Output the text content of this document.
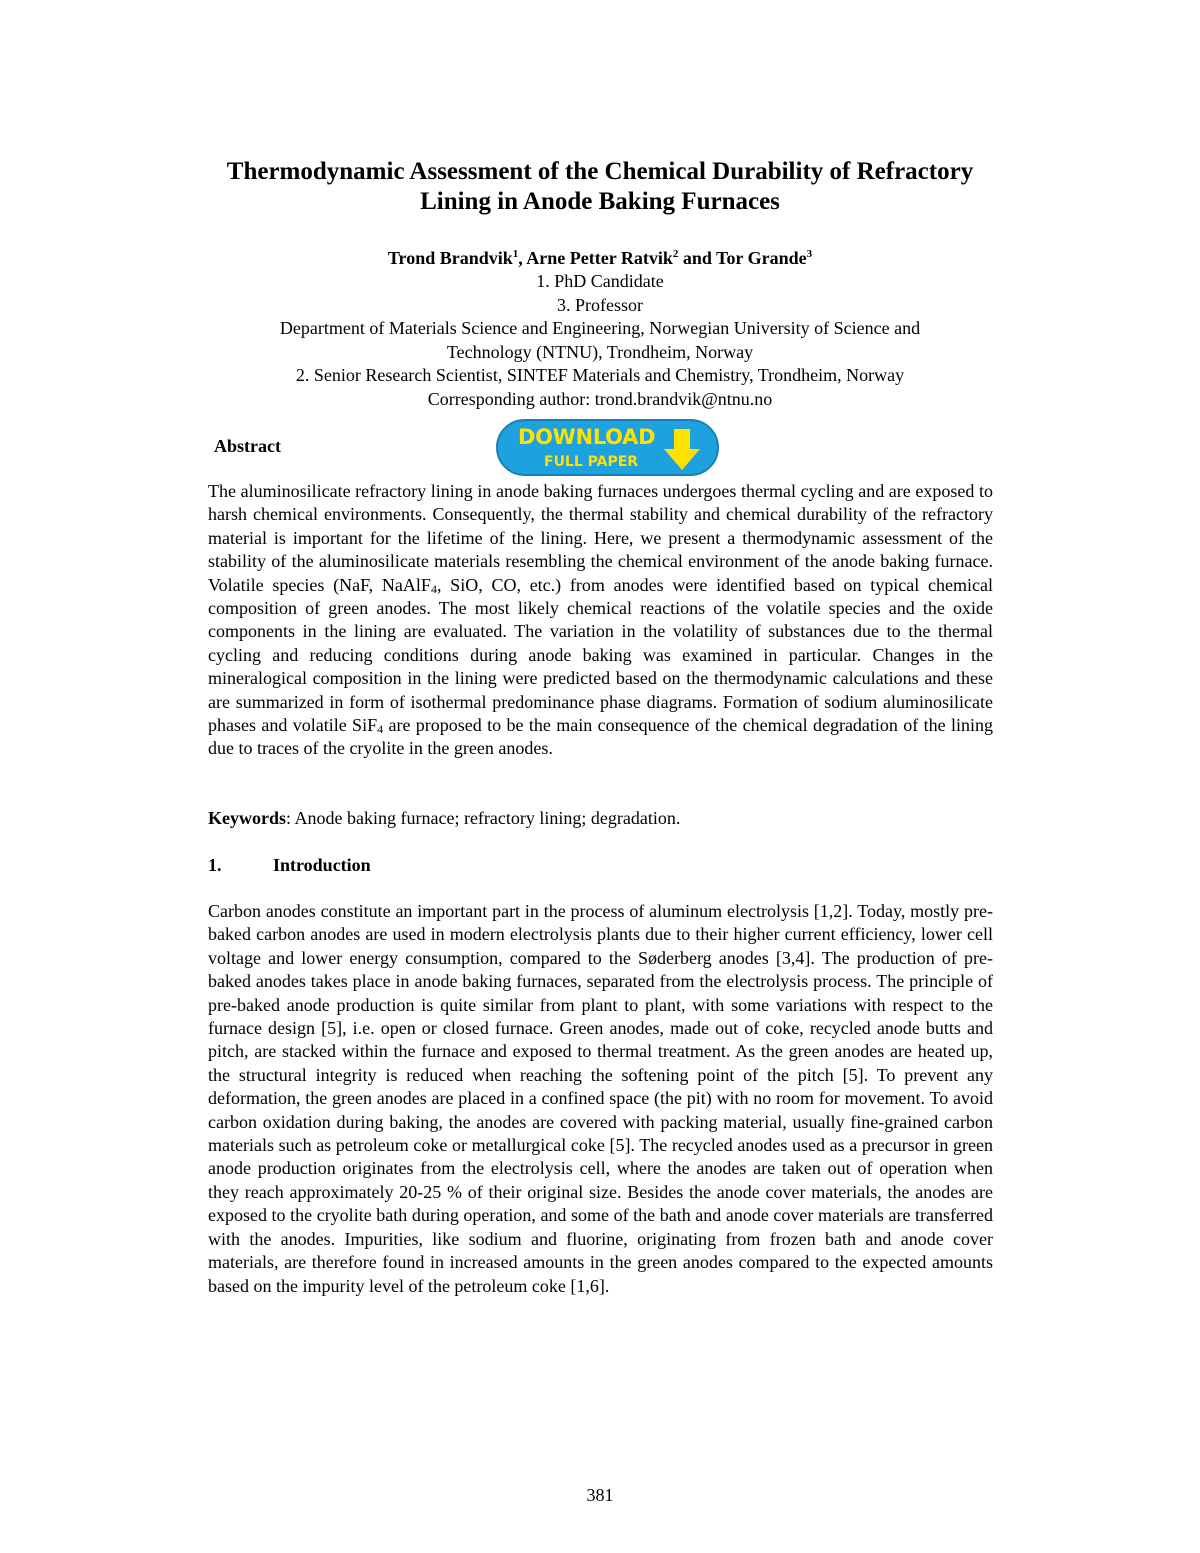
Thermodynamic Assessment of the Chemical Durability of Refractory
Lining in Anode Baking Furnaces
Trond Brandvik$^1$, Arne Petter Ratvik$^2$ and Tor Grande$^3$
1. PhD Candidate
3. Professor
Department of Materials Science and Engineering, Norwegian University of Science and
Technology (NTNU), Trondheim, Norway
2. Senior Research Scientist, SINTEF Materials and Chemistry, Trondheim, Norway
Corresponding author: trond.brandvik@ntnu.no
Abstract	DOWNLOAD
FULL PAPER
The aluminosilicate refractory lining in anode baking furnaces undergoes thermal cycling and are exposed to harsh chemical environments. Consequently, the thermal stability and chemical durability of the refractory material is important for the lifetime of the lining. Here, we present a thermodynamic assessment of the stability of the aluminosilicate materials resembling the chemical environment of the anode baking furnace. Volatile species (NaF, NaAlF$_4$, SiO, CO, etc.) from anodes were identified based on typical chemical composition of green anodes. The most likely chemical reactions of the volatile species and the oxide components in the lining are evaluated. The variation in the volatility of substances due to the thermal cycling and reducing conditions during anode baking was examined in particular. Changes in the mineralogical composition in the lining were predicted based on the thermodynamic calculations and these are summarized in form of isothermal predominance phase diagrams. Formation of sodium aluminosilicate phases and volatile SiF$_4$ are proposed to be the main consequence of the chemical degradation of the lining due to traces of the cryolite in the green anodes.
Keywords: Anode baking furnace; refractory lining; degradation.
1.	Introduction
Carbon anodes constitute an important part in the process of aluminum electrolysis [1,2]. Today, mostly pre-baked carbon anodes are used in modern electrolysis plants due to their higher current efficiency, lower cell voltage and lower energy consumption, compared to the Søderberg anodes [3,4]. The production of pre-baked anodes takes place in anode baking furnaces, separated from the electrolysis process. The principle of pre-baked anode production is quite similar from plant to plant, with some variations with respect to the furnace design [5], i.e. open or closed furnace. Green anodes, made out of coke, recycled anode butts and pitch, are stacked within the furnace and exposed to thermal treatment. As the green anodes are heated up, the structural integrity is reduced when reaching the softening point of the pitch [5]. To prevent any deformation, the green anodes are placed in a confined space (the pit) with no room for movement. To avoid carbon oxidation during baking, the anodes are covered with packing material, usually fine-grained carbon materials such as petroleum coke or metallurgical coke [5]. The recycled anodes used as a precursor in green anode production originates from the electrolysis cell, where the anodes are taken out of operation when they reach approximately 20-25 % of their original size. Besides the anode cover materials, the anodes are exposed to the cryolite bath during operation, and some of the bath and anode cover materials are transferred with the anodes. Impurities, like sodium and fluorine, originating from frozen bath and anode cover materials, are therefore found in increased amounts in the green anodes compared to the expected amounts based on the impurity level of the petroleum coke [1,6].
381
